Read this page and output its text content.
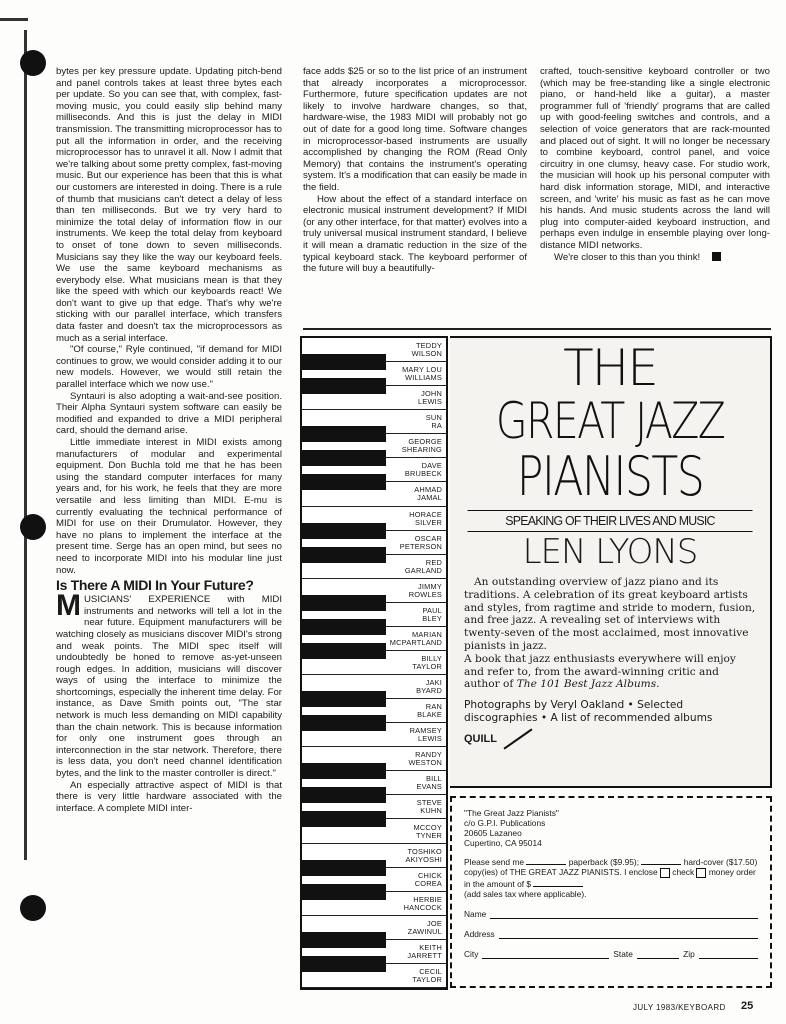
bytes per key pressure update. Updating pitch-bend and panel controls takes at least three bytes each per update. So you can see that, with complex, fast-moving music, you could easily slip behind many milliseconds. And this is just the delay in MIDI transmission. The transmitting microprocessor has to put all the information in order, and the receiving microprocessor has to unravel it all. Now I admit that we're talking about some pretty complex, fast-moving music. But our experience has been that this is what our customers are interested in doing. There is a rule of thumb that musicians can't detect a delay of less than ten milliseconds. But we try very hard to minimize the total delay of information flow in our instruments. We keep the total delay from keyboard to onset of tone down to seven milliseconds. Musicians say they like the way our keyboard feels. We use the same keyboard mechanisms as everybody else. What musicians mean is that they like the speed with which our keyboards react! We don't want to give up that edge. That's why we're sticking with our parallel interface, which transfers data faster and doesn't tax the microprocessors as much as a serial interface.

"Of course," Ryle continued, "if demand for MIDI continues to grow, we would consider adding it to our new models. However, we would still retain the parallel interface which we now use."

Syntauri is also adopting a wait-and-see position. Their Alpha Syntauri system software can easily be modified and expanded to drive a MIDI peripheral card, should the demand arise.

Little immediate interest in MIDI exists among manufacturers of modular and experimental equipment. Don Buchla told me that he has been using the standard computer interfaces for many years and, for his work, he feels that they are more versatile and less limiting than MIDI. E-mu is currently evaluating the technical performance of MIDI for use on their Drumulator. However, they have no plans to implement the interface at the present time. Serge has an open mind, but sees no need to incorporate MIDI into his modular line just now.

Is There A MIDI In Your Future?

MUSICIANS' EXPERIENCE with MIDI instruments and networks will tell a lot in the near future. Equipment manufacturers will be watching closely as musicians discover MIDI's strong and weak points. The MIDI spec itself will undoubtedly be honed to remove as-yet-unseen rough edges. In addition, musicians will discover ways of using the interface to minimize the shortcomings, especially the inherent time delay. For instance, as Dave Smith points out, "The star network is much less demanding on MIDI capability than the chain network. This is because information for only one instrument goes through an interconnection in the star network. Therefore, there is less data, you don't need channel identification bytes, and the link to the master controller is direct."

An especially attractive aspect of MIDI is that there is very little hardware associated with the interface. A complete MIDI inter-

face adds $25 or so to the list price of an instrument that already incorporates a microprocessor. Furthermore, future specification updates are not likely to involve hardware changes, so that, hardware-wise, the 1983 MIDI will probably not go out of date for a good long time. Software changes in microprocessor-based instruments are usually accomplished by changing the ROM (Read Only Memory) that contains the instrument's operating system. It's a modification that can easily be made in the field.

How about the effect of a standard interface on electronic musical instrument development? If MIDI (or any other interface, for that matter) evolves into a truly universal musical instrument standard, I believe it will mean a dramatic reduction in the size of the typical keyboard stack. The keyboard performer of the future will buy a beautifully-

crafted, touch-sensitive keyboard controller or two (which may be free-standing like a single electronic piano, or hand-held like a guitar), a master programmer full of 'friendly' programs that are called up with good-feeling switches and controls, and a selection of voice generators that are rack-mounted and placed out of sight. It will no longer be necessary to combine keyboard, control panel, and voice circuitry in one clumsy, heavy case. For studio work, the musician will hook up his personal computer with hard disk information storage, MIDI, and interactive screen, and 'write' his music as fast as he can move his hands. And music students across the land will plug into computer-aided keyboard instruction, and perhaps even indulge in ensemble playing over long-distance MIDI networks.

We're closer to this than you think!

TEDDY
WILSON
MARY LOU
WILLIAMS
JOHN
LEWIS
SUN
RA
GEORGE
SHEARING
DAVE
BRUBECK
AHMAD
JAMAL
HORACE
SILVER
OSCAR
PETERSON
RED
GARLAND
JIMMY
ROWLES
PAUL
BLEY
MARIAN
MCPARTLAND
BILLY
TAYLOR
JAKI
BYARD
RAN
BLAKE
RAMSEY
LEWIS
RANDY
WESTON
BILL
EVANS
STEVE
KUHN
MCCOY
TYNER
TOSHIKO
AKIYOSHI
CHICK
COREA
HERBIE
HANCOCK
JOE
ZAWINUL
KEITH
JARRETT
CECIL
TAYLOR
THE
GREAT JAZZ
PIANISTS
SPEAKING OF THEIR LIVES AND MUSIC
LEN LYONS

An outstanding overview of jazz piano and its traditions. A celebration of its great keyboard artists and styles, from ragtime and stride to modern, fusion, and free jazz. A revealing set of interviews with twenty-seven of the most acclaimed, most innovative pianists in jazz.

A book that jazz enthusiasts everywhere will enjoy and refer to, from the award-winning critic and author of The 101 Best Jazz Albums.

Photographs by Veryl Oakland • Selected discographies • A list of recommended albums
QUILL
"The Great Jazz Pianists"
c/o G.P.I. Publications
20605 Lazaneo
Cupertino, CA 95014
Please send me	paperback ($9.95);	hard-cover ($17.50) copy(ies) of THE GREAT JAZZ PIANISTS. I enclose check money order in the amount of $
(add sales tax where applicable).
Name
Address
City	State	Zip
JULY 1983/KEYBOARD 25
